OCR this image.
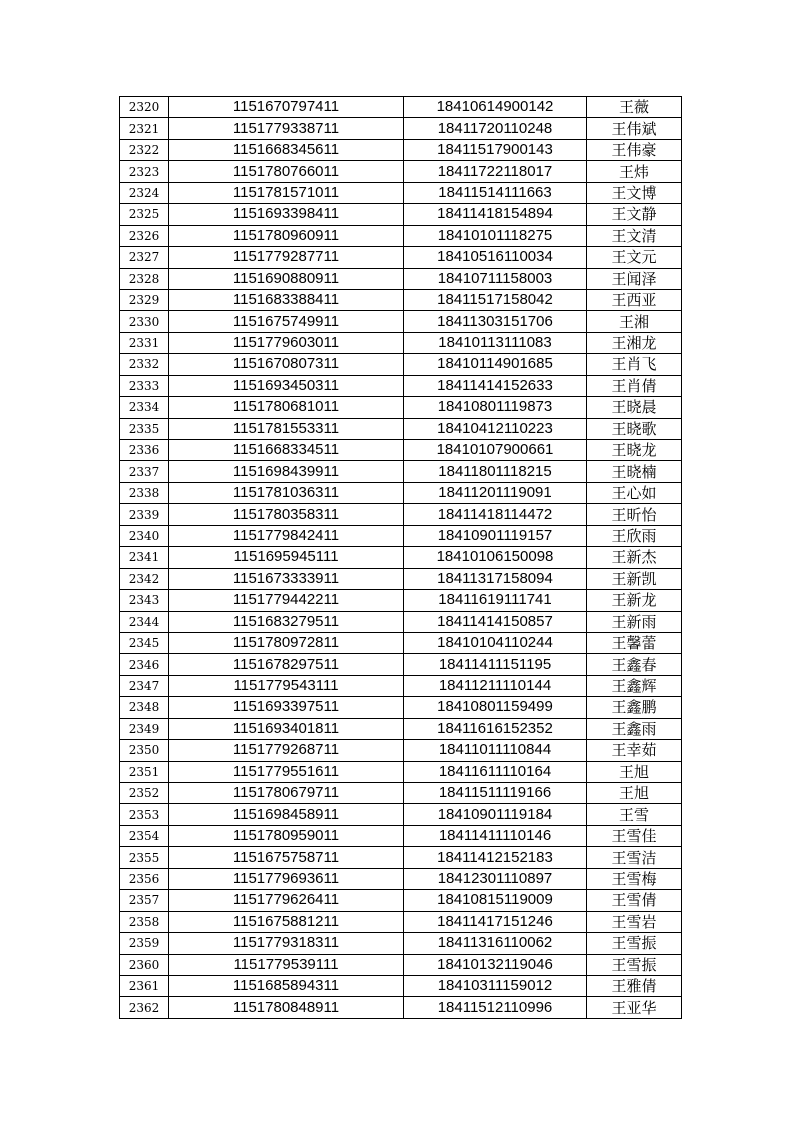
2320	1151670797411	18410614900142	王薇
2321	1151779338711	18411720110248	王伟斌
2322	1151668345611	18411517900143	王伟豪
2323	1151780766011	18411722118017	王炜
2324	1151781571011	18411514111663	王文博
2325	1151693398411	18411418154894	王文静
2326	1151780960911	18410101118275	王文清
2327	1151779287711	18410516110034	王文元
2328	1151690880911	18410711158003	王闻泽
2329	1151683388411	18411517158042	王西亚
2330	1151675749911	18411303151706	王湘
2331	1151779603011	18410113111083	王湘龙
2332	1151670807311	18410114901685	王肖飞
2333	1151693450311	18411414152633	王肖倩
2334	1151780681011	18410801119873	王晓晨
2335	1151781553311	18410412110223	王晓歌
2336	1151668334511	18410107900661	王晓龙
2337	1151698439911	18411801118215	王晓楠
2338	1151781036311	18411201119091	王心如
2339	1151780358311	18411418114472	王昕怡
2340	1151779842411	18410901119157	王欣雨
2341	1151695945111	18410106150098	王新杰
2342	1151673333911	18411317158094	王新凯
2343	1151779442211	18411619111741	王新龙
2344	1151683279511	18411414150857	王新雨
2345	1151780972811	18410104110244	王馨蕾
2346	1151678297511	18411411151195	王鑫春
2347	1151779543111	18411211110144	王鑫辉
2348	1151693397511	18410801159499	王鑫鹏
2349	1151693401811	18411616152352	王鑫雨
2350	1151779268711	18411011110844	王幸茹
2351	1151779551611	18411611110164	王旭
2352	1151780679711	18411511119166	王旭
2353	1151698458911	18410901119184	王雪
2354	1151780959011	18411411110146	王雪佳
2355	1151675758711	18411412152183	王雪洁
2356	1151779693611	18412301110897	王雪梅
2357	1151779626411	18410815119009	王雪倩
2358	1151675881211	18411417151246	王雪岩
2359	1151779318311	18411316110062	王雪振
2360	1151779539111	18410132119046	王雪振
2361	1151685894311	18410311159012	王雅倩
2362	1151780848911	18411512110996	王亚华
